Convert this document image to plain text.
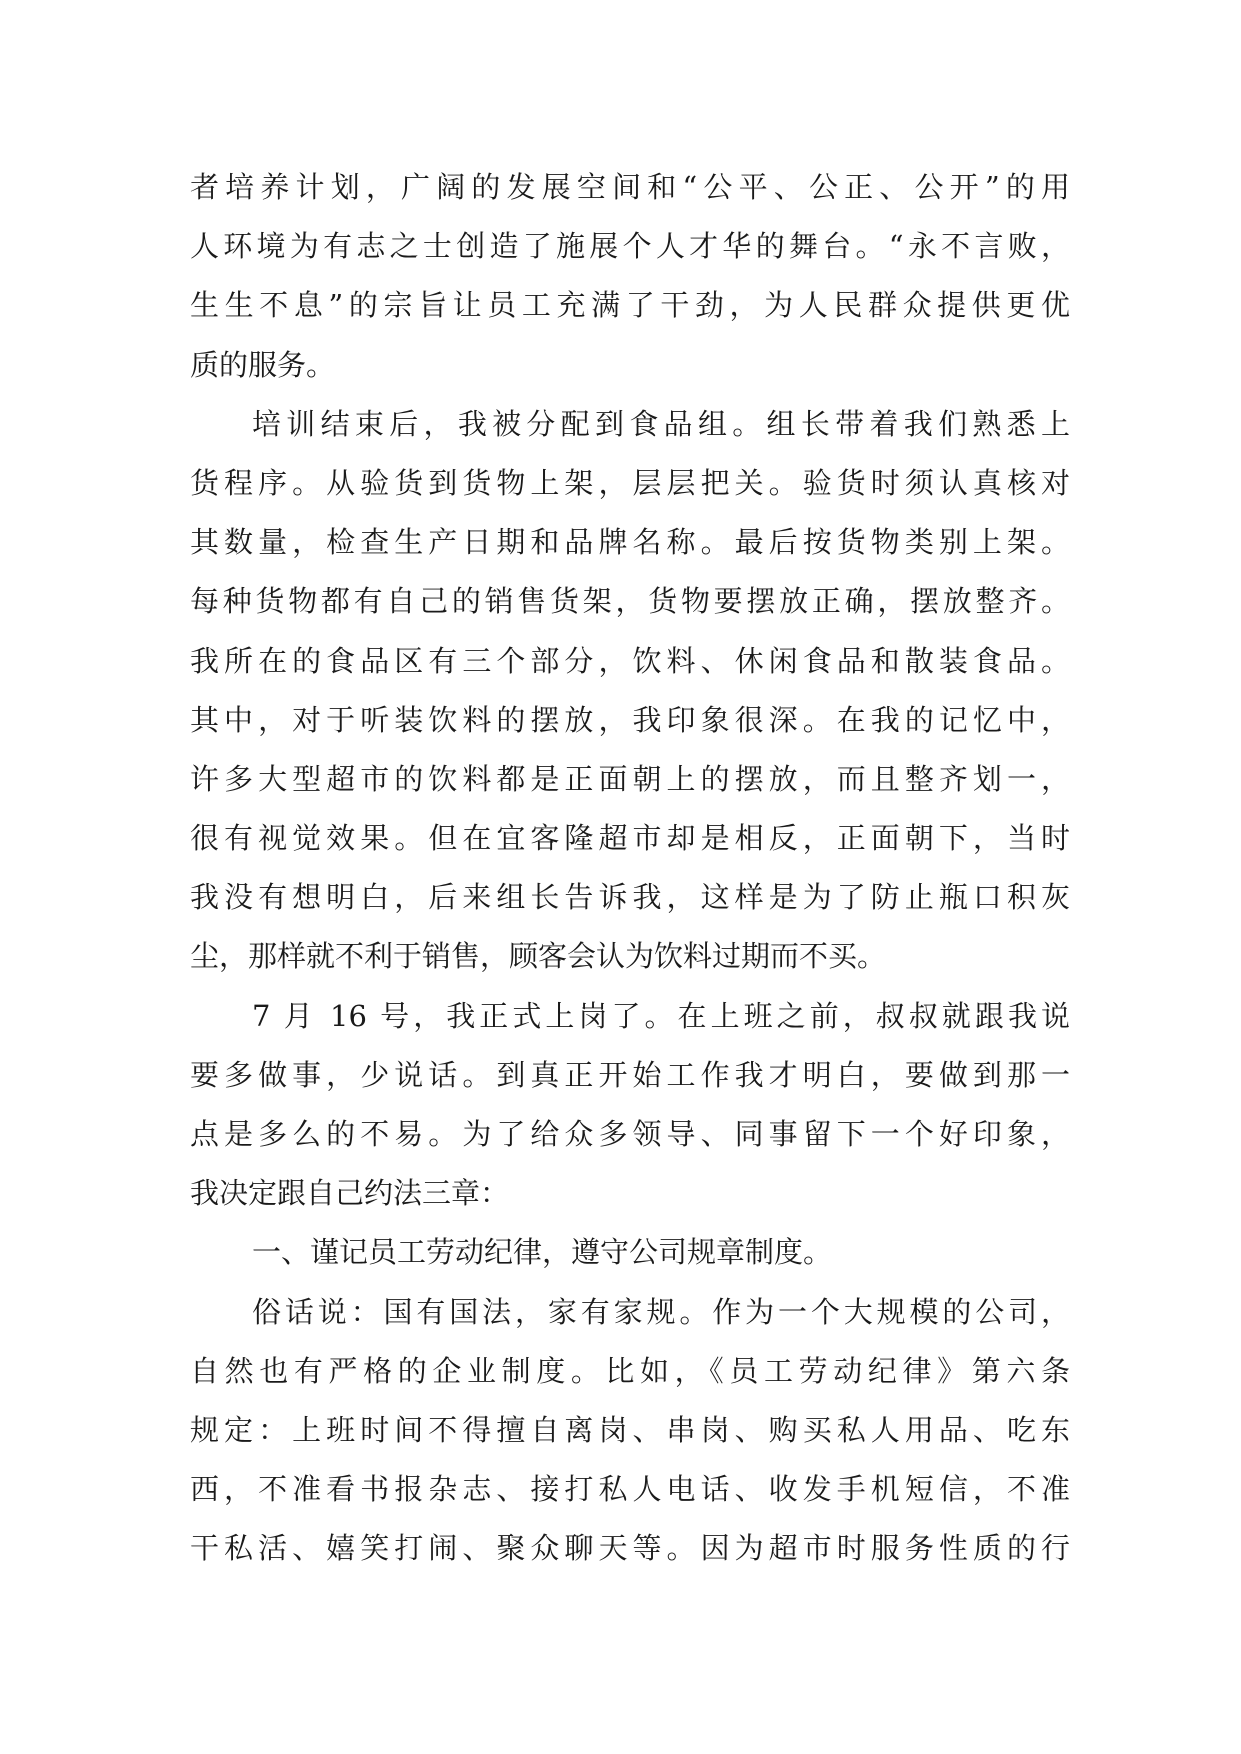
者培养计划，广阔的发展空间和“公平、公正、公开”的用
人环境为有志之士创造了施展个人才华的舞台。“永不言败，
生生不息”的宗旨让员工充满了干劲，为人民群众提供更优
质的服务。
培训结束后，我被分配到食品组。组长带着我们熟悉上
货程序。从验货到货物上架，层层把关。验货时须认真核对
其数量，检查生产日期和品牌名称。最后按货物类别上架。
每种货物都有自己的销售货架，货物要摆放正确，摆放整齐。
我所在的食品区有三个部分，饮料、休闲食品和散装食品。
其中，对于听装饮料的摆放，我印象很深。在我的记忆中，
许多大型超市的饮料都是正面朝上的摆放，而且整齐划一，
很有视觉效果。但在宜客隆超市却是相反，正面朝下，当时
我没有想明白，后来组长告诉我，这样是为了防止瓶口积灰
尘，那样就不利于销售，顾客会认为饮料过期而不买。
7 月 16 号，我正式上岗了。在上班之前，叔叔就跟我说
要多做事，少说话。到真正开始工作我才明白，要做到那一
点是多么的不易。为了给众多领导、同事留下一个好印象，
我决定跟自己约法三章：
一、谨记员工劳动纪律，遵守公司规章制度。
俗话说：国有国法，家有家规。作为一个大规模的公司，
自然也有严格的企业制度。比如，《员工劳动纪律》第六条
规定：上班时间不得擅自离岗、串岗、购买私人用品、吃东
西，不准看书报杂志、接打私人电话、收发手机短信，不准
干私活、嬉笑打闹、聚众聊天等。因为超市时服务性质的行
